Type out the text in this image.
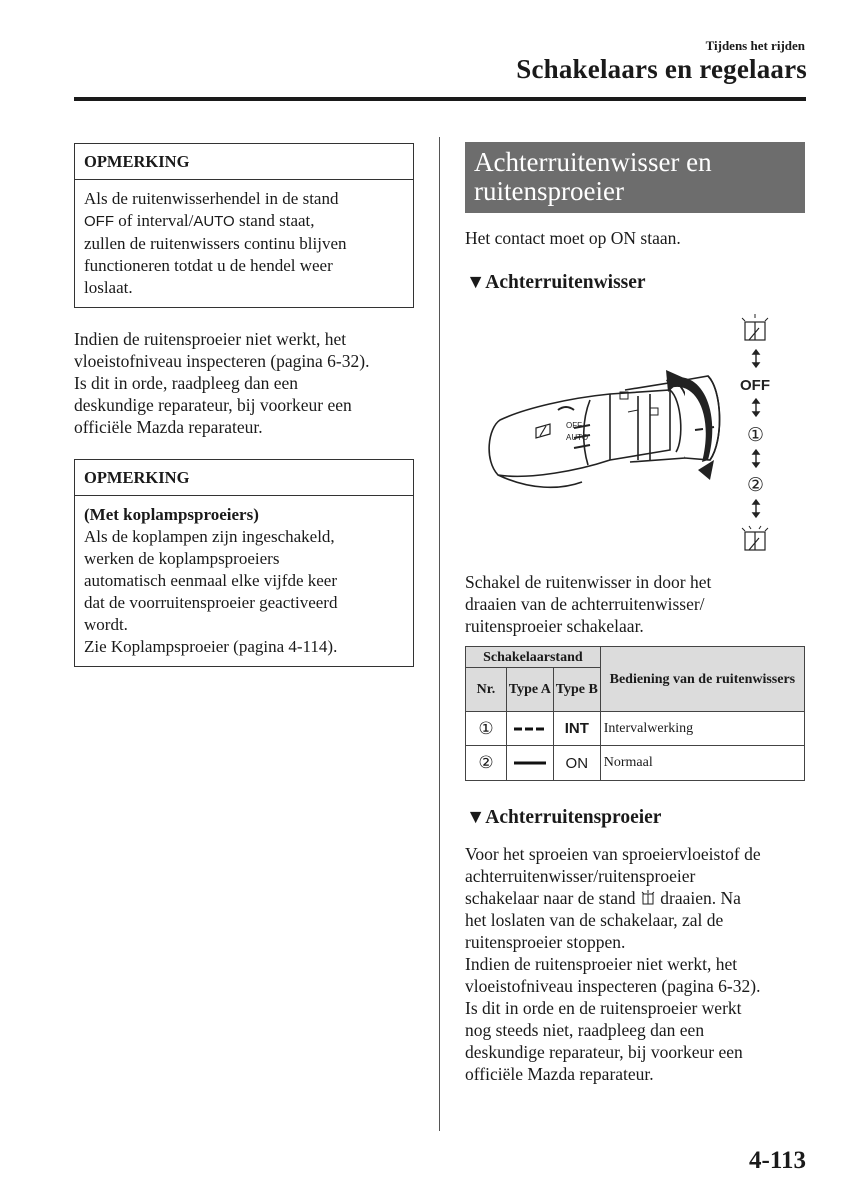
Tijdens het rijden
Schakelaars en regelaars
OPMERKING
Als de ruitenwisserhendel in de stand
OFF of interval/AUTO stand staat,
zullen de ruitenwissers continu blijven
functioneren totdat u de hendel weer
loslaat.
Indien de ruitensproeier niet werkt, het
vloeistofniveau inspecteren (pagina 6-32).
Is dit in orde, raadpleeg dan een
deskundige reparateur, bij voorkeur een
officiële Mazda reparateur.
OPMERKING
(Met koplampsproeiers)
Als de koplampen zijn ingeschakeld,
werken de koplampsproeiers
automatisch eenmaal elke vijfde keer
dat de voorruitensproeier geactiveerd
wordt.
Zie Koplampsproeier (pagina 4-114).
Achterruitenwisser en
ruitensproeier
Het contact moet op ON staan.
▼Achterruitenwisser
OFF
AUTO
OFF
①
②
Schakel de ruitenwisser in door het
draaien van de achterruitenwisser/
ruitensproeier schakelaar.
Schakelaarstand			Bediening van de ruitenwissers
Nr.	Type A	Type B	
①		INT	Intervalwerking
②		ON	Normaal
▼Achterruitensproeier
Voor het sproeien van sproeiervloeistof de
achterruitenwisser/ruitensproeier
schakelaar naar de stand draaien. Na
het loslaten van de schakelaar, zal de
ruitensproeier stoppen.
Indien de ruitensproeier niet werkt, het
vloeistofniveau inspecteren (pagina 6-32).
Is dit in orde en de ruitensproeier werkt
nog steeds niet, raadpleeg dan een
deskundige reparateur, bij voorkeur een
officiële Mazda reparateur.
4-113
